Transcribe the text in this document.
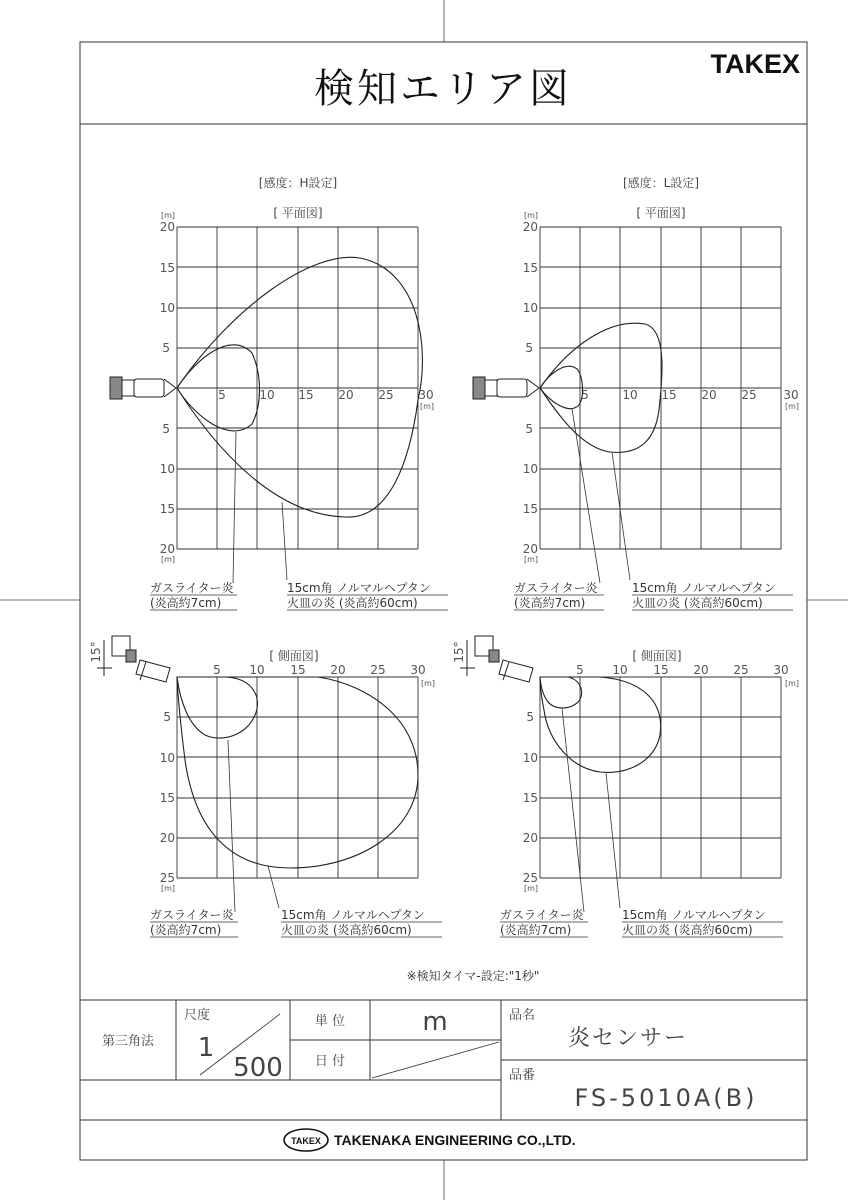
検知エリア図
TAKEX
[感度：H設定]
[ 平面図]
5	10 15 20 25 30
[m]
[m]
20
15
10
5
5
10
15
20
[m]
ガスライター炎
(炎高約7cm)
15cm角 ノルマルヘプタン
火皿の炎 (炎高約60cm)
[感度：L設定]
[ 平面図]
5	10 15 20 25 30
[m]
[m]
20
15
10
5
5
10
15
20
[m]
ガスライター炎
(炎高約7cm)
15cm角 ノルマルヘプタン
火皿の炎 (炎高約60cm)
[ 側面図]
5 10 15 20 25 30
[m]
5
10
15
20
25
[m]
15°
ガスライター炎
(炎高約7cm)
15cm角 ノルマルヘプタン
火皿の炎 (炎高約60cm)
[ 側面図]
5 10 15 20 25 30
[m]
5
10
15
20
25
[m]
15°
ガスライター炎
(炎高約7cm)
15cm角 ノルマルヘプタン
火皿の炎 (炎高約60cm)
※検知タイマ-設定:"1秒"
第三角法
尺度
1
500
単 位	m
日 付
品名
炎センサー
品番
FS-5010A(B)
TAKEX TAKENAKA ENGINEERING CO.,LTD.
